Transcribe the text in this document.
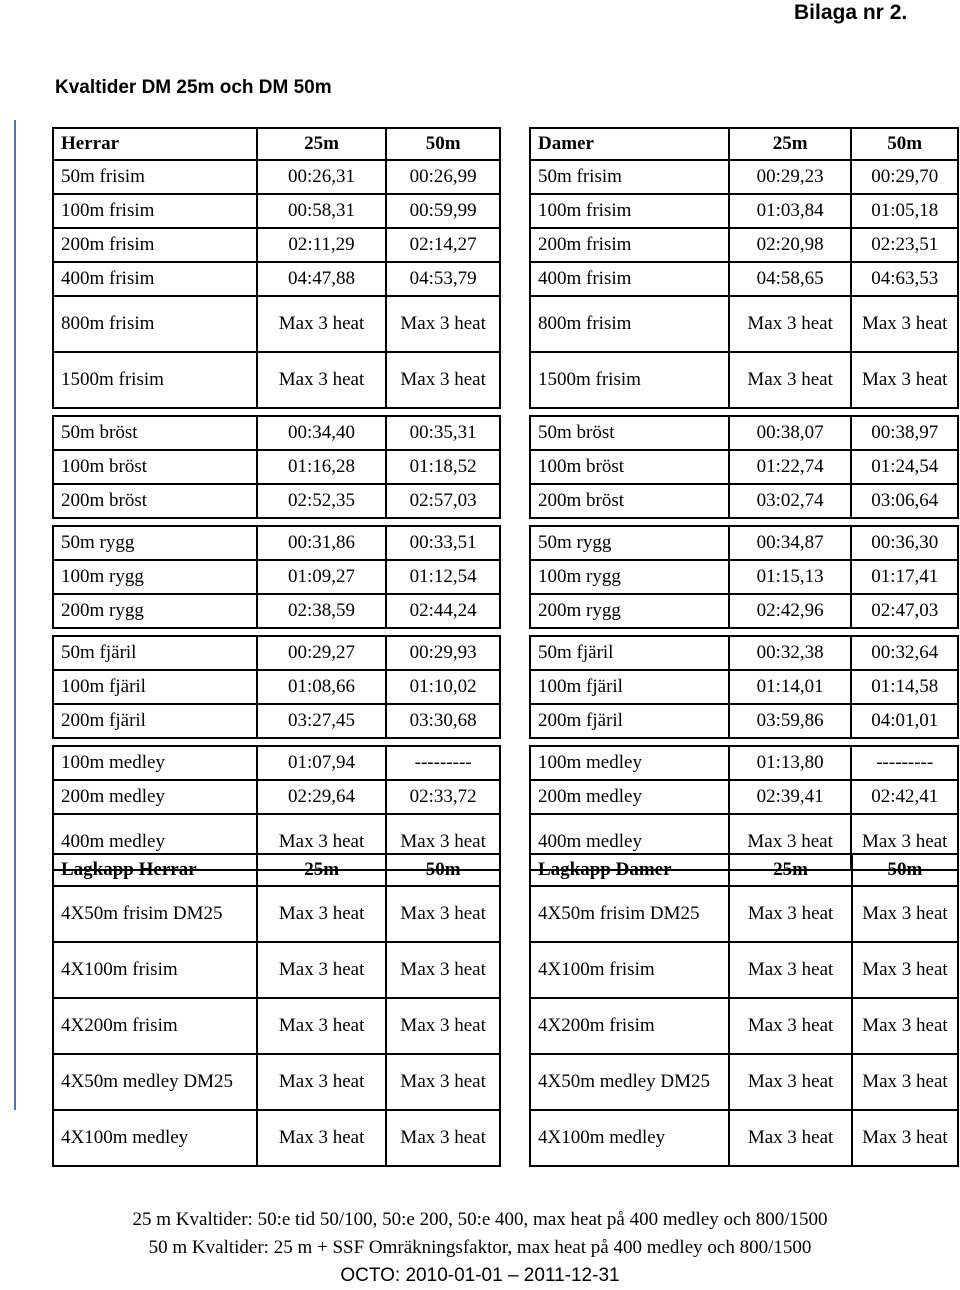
Bilaga nr 2.
Kvaltider DM 25m och DM 50m
Herrar	25m	50m
50m frisim	00:26,31	00:26,99
100m frisim	00:58,31	00:59,99
200m frisim	02:11,29	02:14,27
400m frisim	04:47,88	04:53,79
800m frisim	Max 3 heat	Max 3 heat
1500m frisim	Max 3 heat	Max 3 heat

50m bröst	00:34,40	00:35,31
100m bröst	01:16,28	01:18,52
200m bröst	02:52,35	02:57,03

50m rygg	00:31,86	00:33,51
100m rygg	01:09,27	01:12,54
200m rygg	02:38,59	02:44,24

50m fjäril	00:29,27	00:29,93
100m fjäril	01:08,66	01:10,02
200m fjäril	03:27,45	03:30,68

100m medley	01:07,94	---------
200m medley	02:29,64	02:33,72
400m medley	Max 3 heat	Max 3 heat
Damer	25m	50m
50m frisim	00:29,23	00:29,70
100m frisim	01:03,84	01:05,18
200m frisim	02:20,98	02:23,51
400m frisim	04:58,65	04:63,53
800m frisim	Max 3 heat	Max 3 heat
1500m frisim	Max 3 heat	Max 3 heat

50m bröst	00:38,07	00:38,97
100m bröst	01:22,74	01:24,54
200m bröst	03:02,74	03:06,64

50m rygg	00:34,87	00:36,30
100m rygg	01:15,13	01:17,41
200m rygg	02:42,96	02:47,03

50m fjäril	00:32,38	00:32,64
100m fjäril	01:14,01	01:14,58
200m fjäril	03:59,86	04:01,01

100m medley	01:13,80	---------
200m medley	02:39,41	02:42,41
400m medley	Max 3 heat	Max 3 heat
Lagkapp Herrar	25m	50m
4X50m frisim DM25	Max 3 heat	Max 3 heat
4X100m frisim	Max 3 heat	Max 3 heat
4X200m frisim	Max 3 heat	Max 3 heat
4X50m medley DM25	Max 3 heat	Max 3 heat
4X100m medley	Max 3 heat	Max 3 heat
Lagkapp Damer	25m	50m
4X50m frisim DM25	Max 3 heat	Max 3 heat
4X100m frisim	Max 3 heat	Max 3 heat
4X200m frisim	Max 3 heat	Max 3 heat
4X50m medley DM25	Max 3 heat	Max 3 heat
4X100m medley	Max 3 heat	Max 3 heat
25 m Kvaltider: 50:e tid 50/100, 50:e 200, 50:e 400, max heat på 400 medley och 800/1500
50 m Kvaltider: 25 m + SSF Omräkningsfaktor, max heat på 400 medley och 800/1500
OCTO: 2010-01-01 – 2011-12-31
